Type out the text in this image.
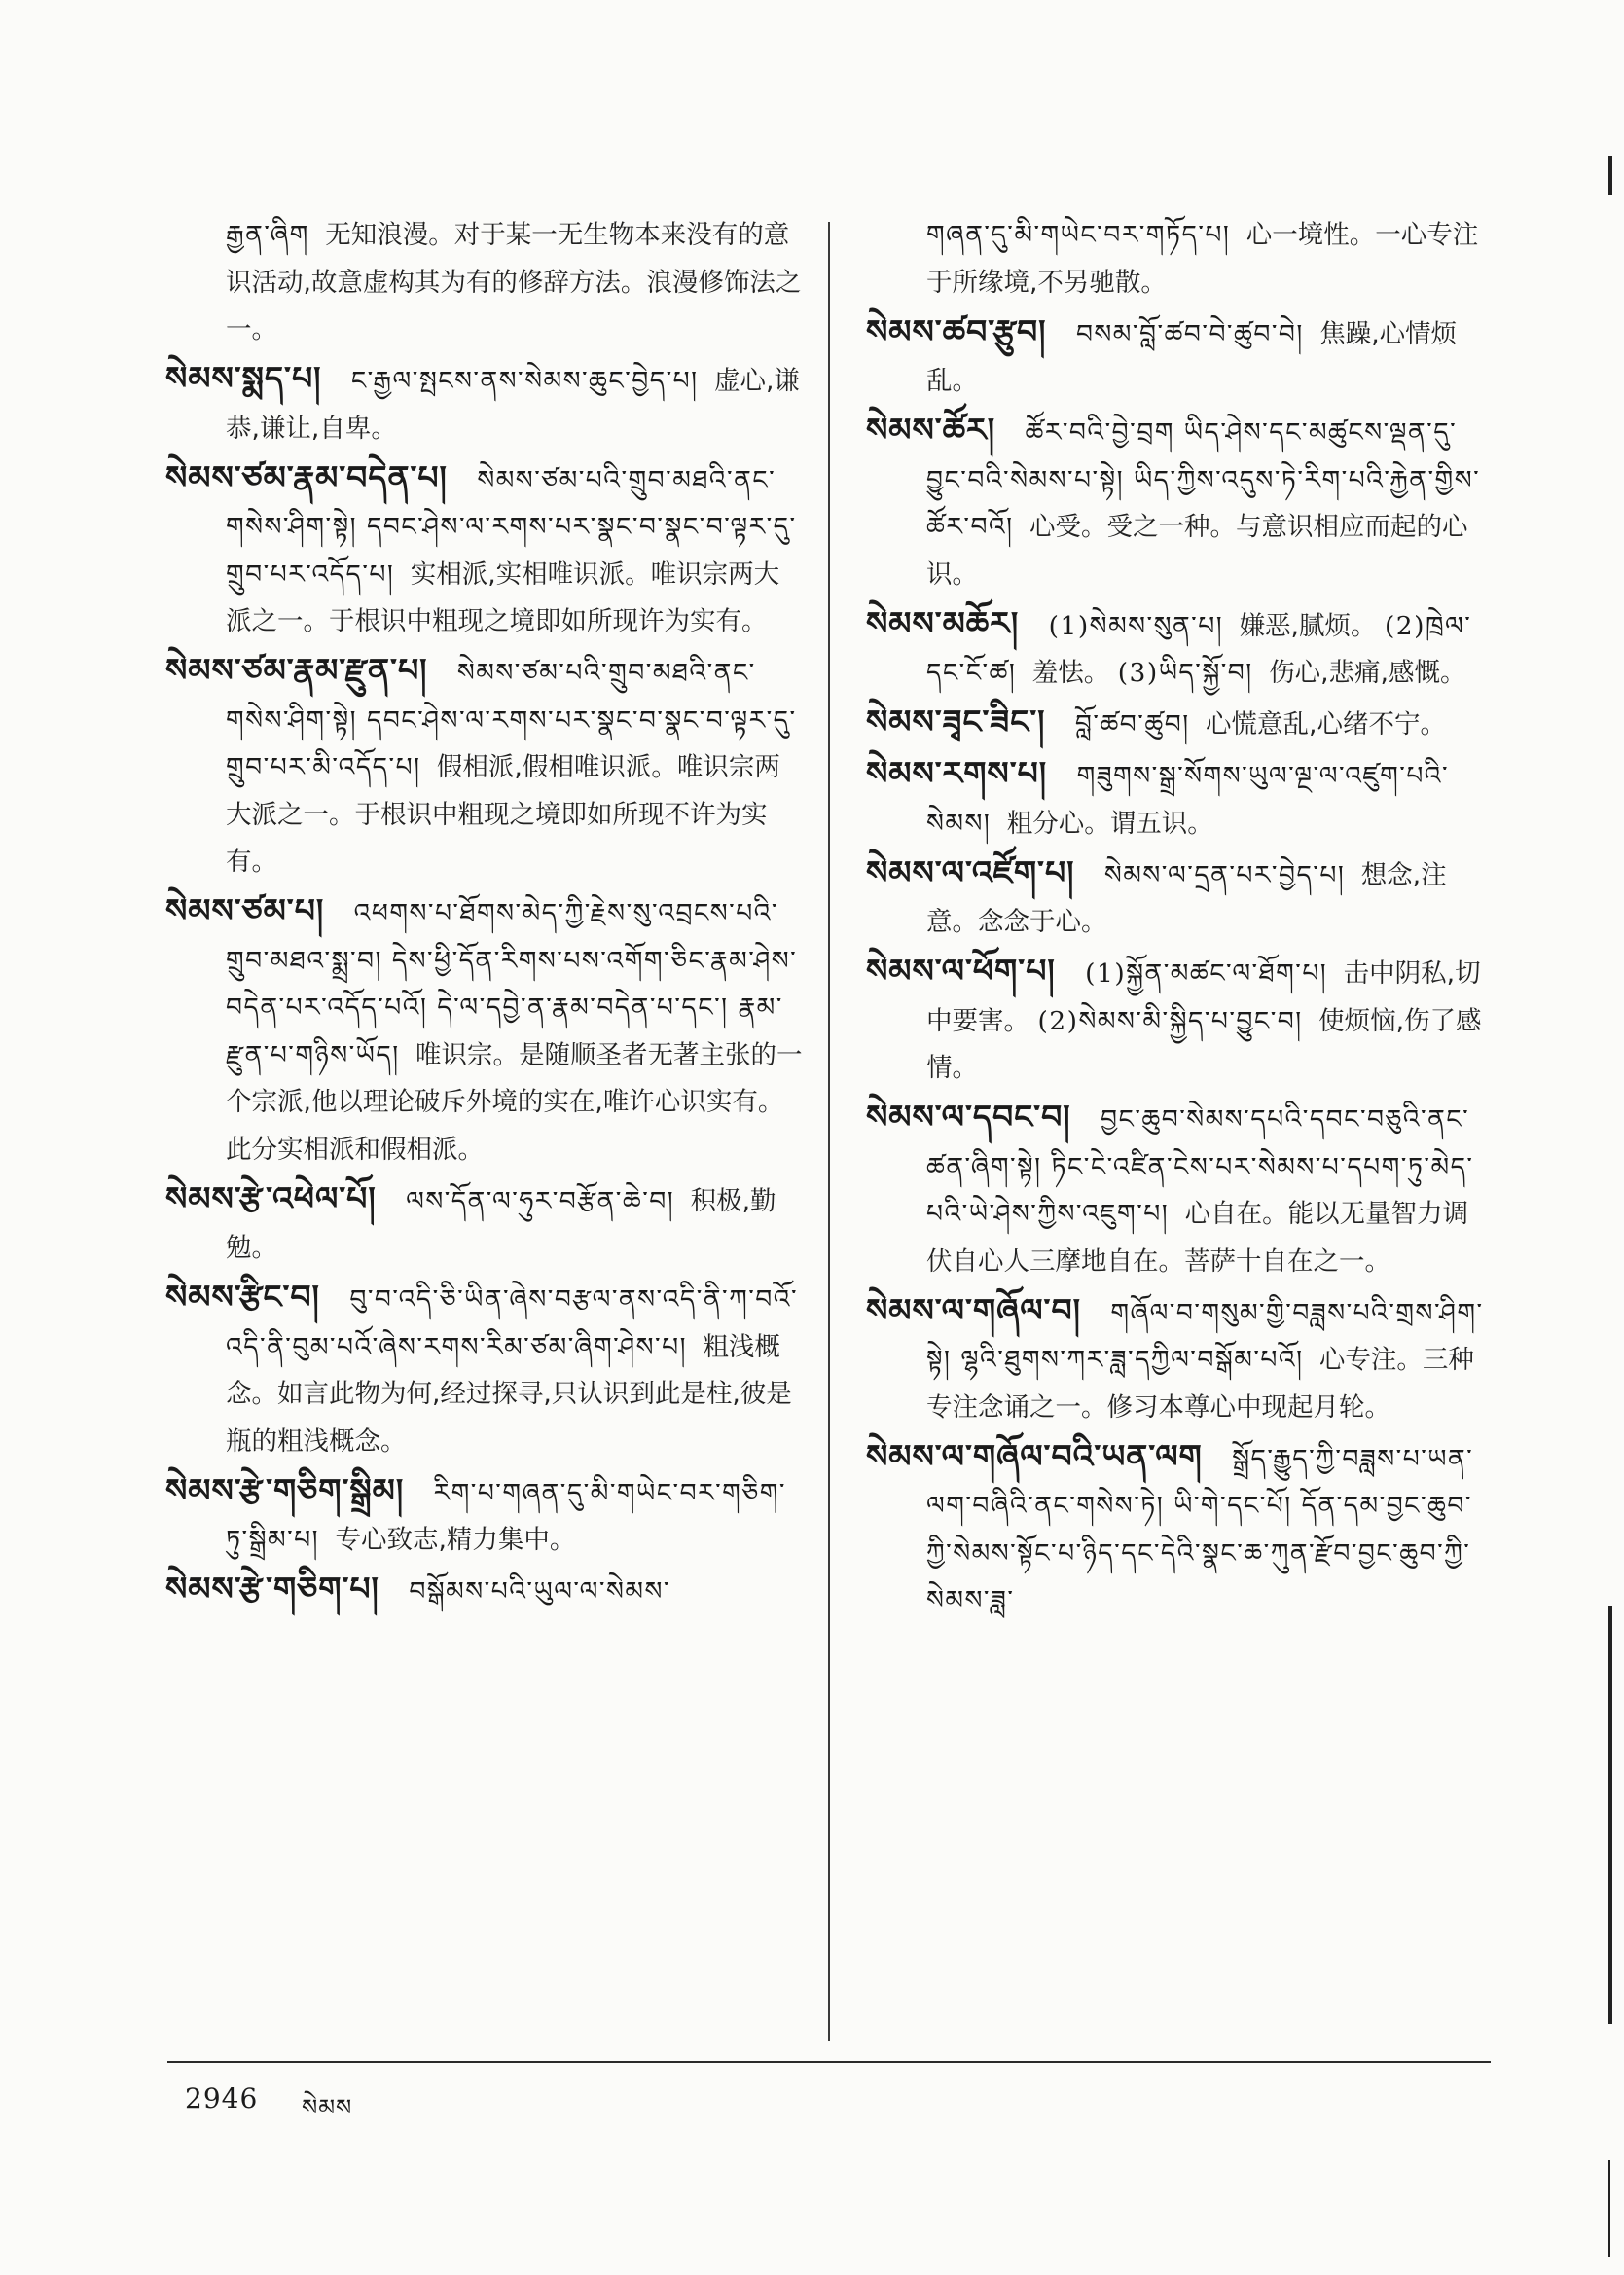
རྒྱན་ཞིག 无知浪漫。对于某一无生物本来没有的意识活动,故意虚构其为有的修辞方法。浪漫修饰法之一。

སེམས་སྨད་པ། ང་རྒྱལ་སྤངས་ནས་སེམས་ཆུང་བྱེད་པ། 虚心,谦恭,谦让,自卑。

སེམས་ཙམ་རྣམ་བདེན་པ། སེམས་ཙམ་པའི་གྲུབ་མཐའི་ནང་གསེས་ཤིག་སྟེ། དབང་ཤེས་ལ་རགས་པར་སྣང་བ་སྣང་བ་ལྟར་དུ་གྲུབ་པར་འདོད་པ། 实相派,实相唯识派。唯识宗两大派之一。于根识中粗现之境即如所现许为实有。

སེམས་ཙམ་རྣམ་རྫུན་པ། སེམས་ཙམ་པའི་གྲུབ་མཐའི་ནང་གསེས་ཤིག་སྟེ། དབང་ཤེས་ལ་རགས་པར་སྣང་བ་སྣང་བ་ལྟར་དུ་གྲུབ་པར་མི་འདོད་པ། 假相派,假相唯识派。唯识宗两大派之一。于根识中粗现之境即如所现不许为实有。

སེམས་ཙམ་པ། འཕགས་པ་ཐོགས་མེད་ཀྱི་རྗེས་སུ་འབྲངས་པའི་གྲུབ་མཐའ་སྨྲ་བ། དེས་ཕྱི་དོན་རིགས་པས་འགོག་ཅིང་རྣམ་ཤེས་བདེན་པར་འདོད་པའོ། དེ་ལ་དབྱེ་ན་རྣམ་བདེན་པ་དང་། རྣམ་རྫུན་པ་གཉིས་ཡོད། 唯识宗。是随顺圣者无著主张的一个宗派,他以理论破斥外境的实在,唯许心识实有。此分实相派和假相派。

སེམས་རྩེ་འཕེལ་པོ། ལས་དོན་ལ་ཧུར་བརྩོན་ཆེ་བ། 积极,勤勉。

སེམས་རྩིང་བ། བུ་བ་འདི་ཅི་ཡིན་ཞེས་བརྩལ་ནས་འདི་ནི་ཀ་བའོ་འདི་ནི་བུམ་པའོ་ཞེས་རགས་རིམ་ཙམ་ཞིག་ཤེས་པ། 粗浅概念。如言此物为何,经过探寻,只认识到此是柱,彼是瓶的粗浅概念。

སེམས་རྩེ་གཅིག་སྒྲིམ། རིག་པ་གཞན་དུ་མི་གཡེང་བར་གཅིག་ཏུ་སྒྲིམ་པ། 专心致志,精力集中。

སེམས་རྩེ་གཅིག་པ། བསྒོམས་པའི་ཡུལ་ལ་སེམས་

གཞན་དུ་མི་གཡེང་བར་གཏོད་པ། 心一境性。一心专注于所缘境,不另驰散。

སེམས་ཚབ་རྩུབ། བསམ་བློ་ཚབ་བེ་ཚུབ་བེ། 焦躁,心情烦乱。

སེམས་ཚོར། ཚོར་བའི་བྱེ་བྲག ཡིད་ཤེས་དང་མཚུངས་ལྡན་དུ་བྱུང་བའི་སེམས་པ་སྟེ། ཡིད་ཀྱིས་འདུས་ཏེ་རིག་པའི་རྐྱེན་གྱིས་ཚོར་བའོ། 心受。受之一种。与意识相应而起的心识。

སེམས་མཆོར། (1)སེམས་སུན་པ། 嫌恶,腻烦。 (2)ཁྲེལ་དང་ངོ་ཚ། 羞怯。 (3)ཡིད་སྐྱོ་བ། 伤心,悲痛,感慨。

སེམས་ཟྭང་ཟིང་། བློ་ཚབ་ཚུབ། 心慌意乱,心绪不宁。

སེམས་རགས་པ། གཟུགས་སྒྲ་སོགས་ཡུལ་ལྔ་ལ་འཛུག་པའི་སེམས། 粗分心。谓五识。

སེམས་ལ་འཛོག་པ། སེམས་ལ་དྲན་པར་བྱེད་པ། 想念,注意。念念于心。

སེམས་ལ་ཕོག་པ། (1)སྐྱོན་མཚང་ལ་ཐོག་པ། 击中阴私,切中要害。 (2)སེམས་མི་སྐྱིད་པ་བྱུང་བ། 使烦恼,伤了感情。

སེམས་ལ་དབང་བ། བྱང་ཆུབ་སེམས་དཔའི་དབང་བཅུའི་ནང་ཚན་ཞིག་སྟེ། ཏིང་ངེ་འཛིན་ངེས་པར་སེམས་པ་དཔག་ཏུ་མེད་པའི་ཡེ་ཤེས་ཀྱིས་འཇུག་པ། 心自在。能以无量智力调伏自心人三摩地自在。菩萨十自在之一。

སེམས་ལ་གཞོལ་བ། གཞོལ་བ་གསུམ་གྱི་བཟླས་པའི་གྲས་ཤིག་སྟེ། ལྷའི་ཐུགས་ཀར་ཟླ་དཀྱིལ་བསྒོམ་པའོ། 心专注。三种专注念诵之一。修习本尊心中现起月轮。

སེམས་ལ་གཞོལ་བའི་ཡན་ལག སྒྲོད་རྒྱུད་ཀྱི་བཟླས་པ་ཡན་ལག་བཞིའི་ནང་གསེས་ཏེ། ཡི་གེ་དང་པོ། དོན་དམ་བྱང་ཆུབ་ཀྱི་སེམས་སྟོང་པ་ཉིད་དང་དེའི་སྣང་ཆ་ཀུན་རྫོབ་བྱང་ཆུབ་ཀྱི་སེམས་ཟླ་

2946 སེམས
